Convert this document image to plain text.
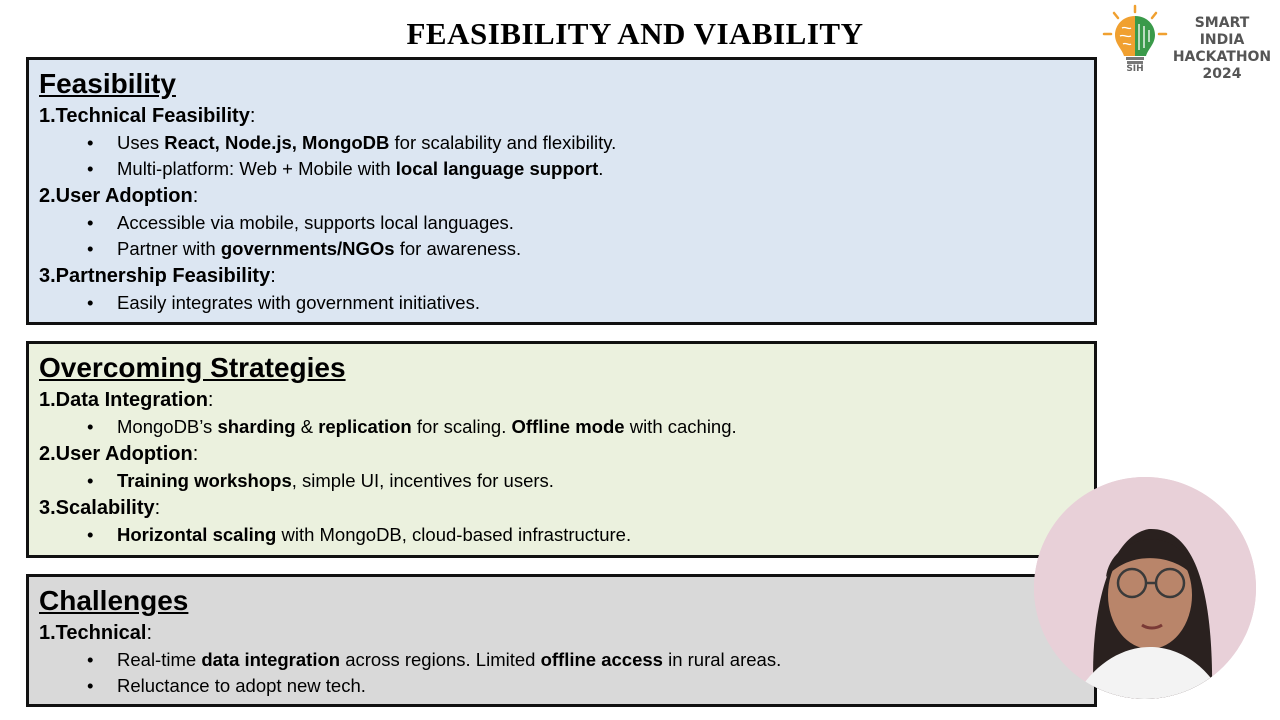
FEASIBILITY AND VIABILITY
SIH
SMART INDIA
HACKATHON
2024
Feasibility
1.Technical Feasibility:
• Uses React, Node.js, MongoDB for scalability and flexibility.
• Multi-platform: Web + Mobile with local language support.
2.User Adoption:
• Accessible via mobile, supports local languages.
• Partner with governments/NGOs for awareness.
3.Partnership Feasibility:
• Easily integrates with government initiatives.
Overcoming Strategies
1.Data Integration:
• MongoDB’s sharding & replication for scaling. Offline mode with caching.
2.User Adoption:
• Training workshops, simple UI, incentives for users.
3.Scalability:
• Horizontal scaling with MongoDB, cloud-based infrastructure.
Challenges
1.Technical:
• Real-time data integration across regions. Limited offline access in rural areas.
• Reluctance to adopt new tech.
